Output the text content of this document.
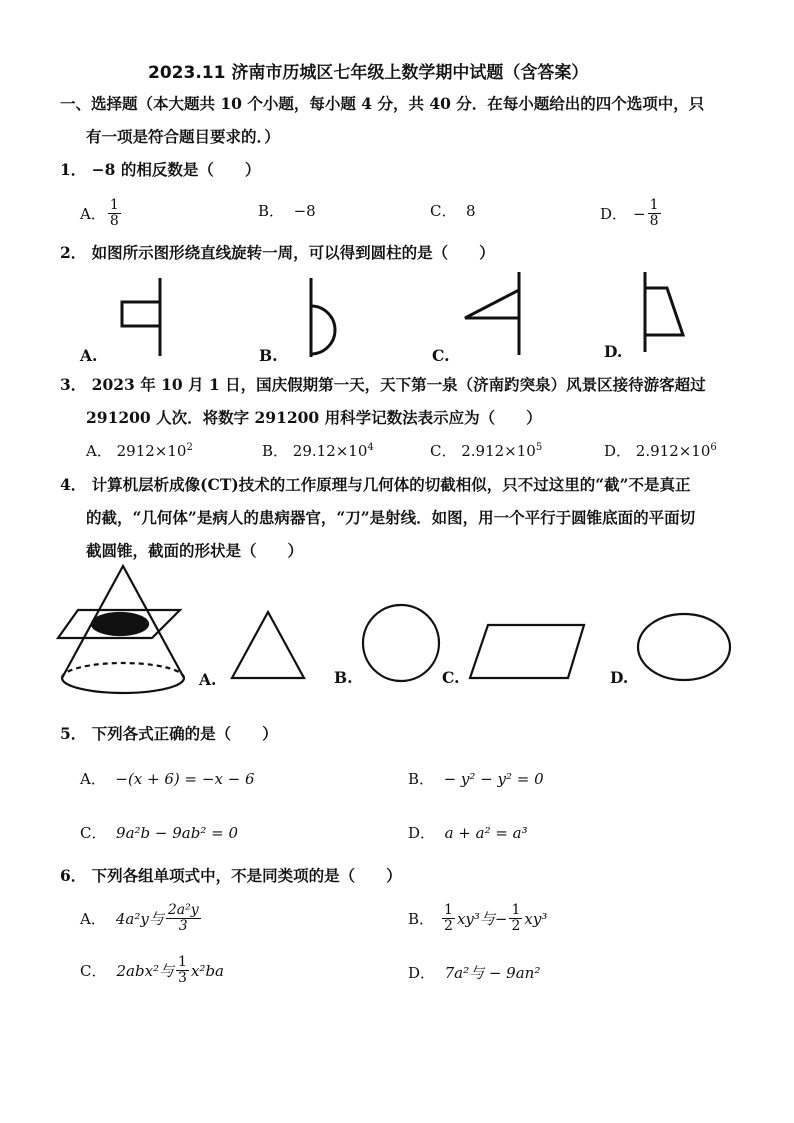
2023.11 济南市历城区七年级上数学期中试题（含答案）
一、选择题（本大题共 10 个小题，每小题 4 分，共 40 分．在每小题给出的四个选项中，只
有一项是符合题目要求的．）
1． −8 的相反数是（　　）
A． $\frac{1}{8}$	B． −8	C． 8	D． − $\frac{1}{8}$
2． 如图所示图形绕直线旋转一周，可以得到圆柱的是（　　）
A.	B.	C.	D.
3． 2023 年 10 月 1 日，国庆假期第一天，天下第一泉（济南趵突泉）风景区接待游客超过
291200 人次．将数字 291200 用科学记数法表示应为（　　）
A． $2912\times 10^2$	B． $29.12\times 10^4$	C． $2.912\times 10^5$	D． $2.912\times 10^6$
4． 计算机层析成像(CT)技术的工作原理与几何体的切截相似，只不过这里的“截”不是真正
的截，“几何体”是病人的患病器官，“刀”是射线．如图，用一个平行于圆锥底面的平面切
截圆锥，截面的形状是（　　）
A.	B.	C.	D.
5． 下列各式正确的是（　　）
A． −(x + 6) = −x − 6	B． − y² − y² = 0
C． 9a²b − 9ab² = 0	D． a + a² = a³
6． 下列各组单项式中，不是同类项的是（　　）
A． 4a²y与 $\frac{\text{2a²y}}{3}$	B． $\frac{1}{2} xy^3$与− $\frac{1}{2} xy^3$
C． 2abx²与 $\frac{1}{3} x^2ba$	D． 7a²与 − 9an²
